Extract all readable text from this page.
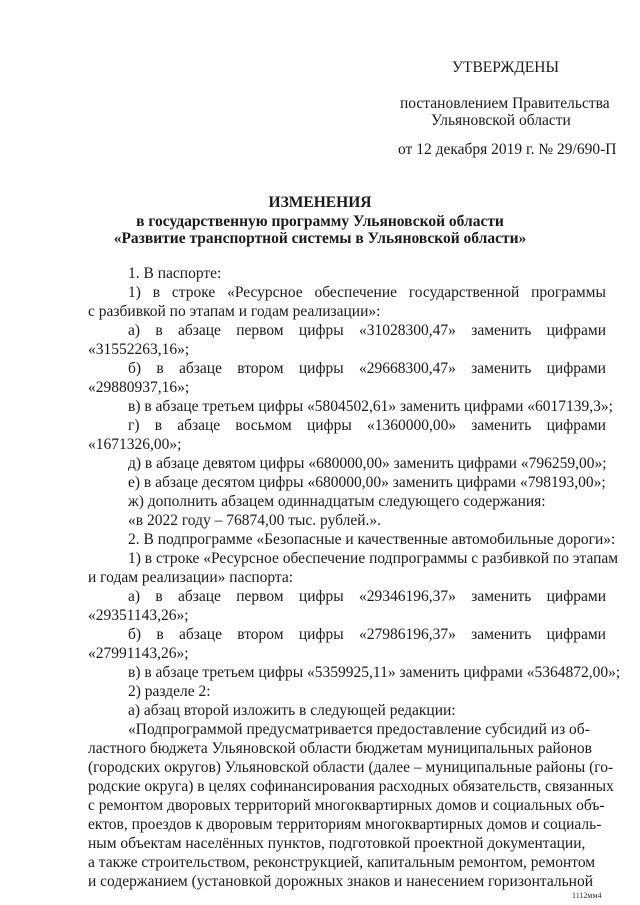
УТВЕРЖДЕНЫ
постановлением Правительства
Ульяновской области
от 12 декабря 2019 г. № 29/690-П
ИЗМЕНЕНИЯ
в государственную программу Ульяновской области
«Развитие транспортной системы в Ульяновской области»
1. В паспорте:
1) в строке «Ресурсное обеспечение государственной программы
с разбивкой по этапам и годам реализации»:
а) в абзаце первом цифры «31028300,47» заменить цифрами
«31552263,16»;
б) в абзаце втором цифры «29668300,47» заменить цифрами
«29880937,16»;
в) в абзаце третьем цифры «5804502,61» заменить цифрами «6017139,3»;
г) в абзаце восьмом цифры «1360000,00» заменить цифрами
«1671326,00»;
д) в абзаце девятом цифры «680000,00» заменить цифрами «796259,00»;
е) в абзаце десятом цифры «680000,00» заменить цифрами «798193,00»;
ж) дополнить абзацем одиннадцатым следующего содержания:
«в 2022 году – 76874,00 тыс. рублей.».
2. В подпрограмме «Безопасные и качественные автомобильные дороги»:
1) в строке «Ресурсное обеспечение подпрограммы с разбивкой по этапам
и годам реализации» паспорта:
а) в абзаце первом цифры «29346196,37» заменить цифрами
«29351143,26»;
б) в абзаце втором цифры «27986196,37» заменить цифрами
«27991143,26»;
в) в абзаце третьем цифры «5359925,11» заменить цифрами «5364872,00»;
2) разделе 2:
а) абзац второй изложить в следующей редакции:
«Подпрограммой предусматривается предоставление субсидий из об-
ластного бюджета Ульяновской области бюджетам муниципальных районов
(городских округов) Ульяновской области (далее – муниципальные районы (го-
родские округа) в целях софинансирования расходных обязательств, связанных
с ремонтом дворовых территорий многоквартирных домов и социальных объ-
ектов, проездов к дворовым территориям многоквартирных домов и социаль-
ным объектам населённых пунктов, подготовкой проектной документации,
а также строительством, реконструкцией, капитальным ремонтом, ремонтом
и содержанием (установкой дорожных знаков и нанесением горизонтальной
1112мм4
